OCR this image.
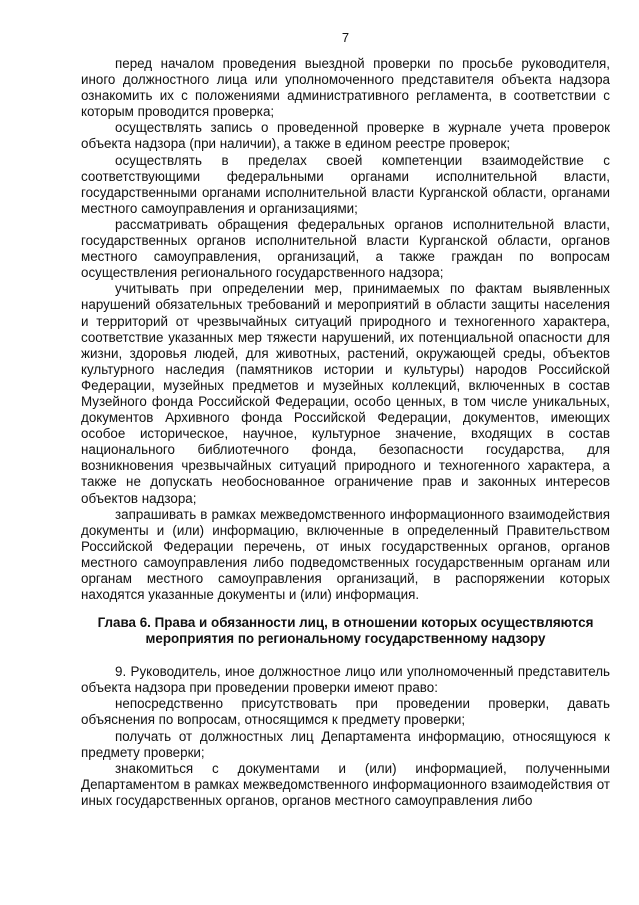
7

перед началом проведения выездной проверки по просьбе руководителя, иного должностного лица или уполномоченного представителя объекта надзора ознакомить их с положениями административного регламента, в соответствии с которым проводится проверка;

осуществлять запись о проведенной проверке в журнале учета проверок объекта надзора (при наличии), а также в едином реестре проверок;

осуществлять в пределах своей компетенции взаимодействие с соответствующими федеральными органами исполнительной власти, государственными органами исполнительной власти Курганской области, органами местного самоуправления и организациями;

рассматривать обращения федеральных органов исполнительной власти, государственных органов исполнительной власти Курганской области, органов местного самоуправления, организаций, а также граждан по вопросам осуществления регионального государственного надзора;

учитывать при определении мер, принимаемых по фактам выявленных нарушений обязательных требований и мероприятий в области защиты населения и территорий от чрезвычайных ситуаций природного и техногенного характера, соответствие указанных мер тяжести нарушений, их потенциальной опасности для жизни, здоровья людей, для животных, растений, окружающей среды, объектов культурного наследия (памятников истории и культуры) народов Российской Федерации, музейных предметов и музейных коллекций, включенных в состав Музейного фонда Российской Федерации, особо ценных, в том числе уникальных, документов Архивного фонда Российской Федерации, документов, имеющих особое историческое, научное, культурное значение, входящих в состав национального библиотечного фонда, безопасности государства, для возникновения чрезвычайных ситуаций природного и техногенного характера, а также не допускать необоснованное ограничение прав и законных интересов объектов надзора;

запрашивать в рамках межведомственного информационного взаимодействия документы и (или) информацию, включенные в определенный Правительством Российской Федерации перечень, от иных государственных органов, органов местного самоуправления либо подведомственных государственным органам или органам местного самоуправления организаций, в распоряжении которых находятся указанные документы и (или) информация.

Глава 6. Права и обязанности лиц, в отношении которых осуществляются мероприятия по региональному государственному надзору

9. Руководитель, иное должностное лицо или уполномоченный представитель объекта надзора при проведении проверки имеют право:

непосредственно присутствовать при проведении проверки, давать объяснения по вопросам, относящимся к предмету проверки;

получать от должностных лиц Департамента информацию, относящуюся к предмету проверки;

знакомиться с документами и (или) информацией, полученными Департаментом в рамках межведомственного информационного взаимодействия от иных государственных органов, органов местного самоуправления либо
